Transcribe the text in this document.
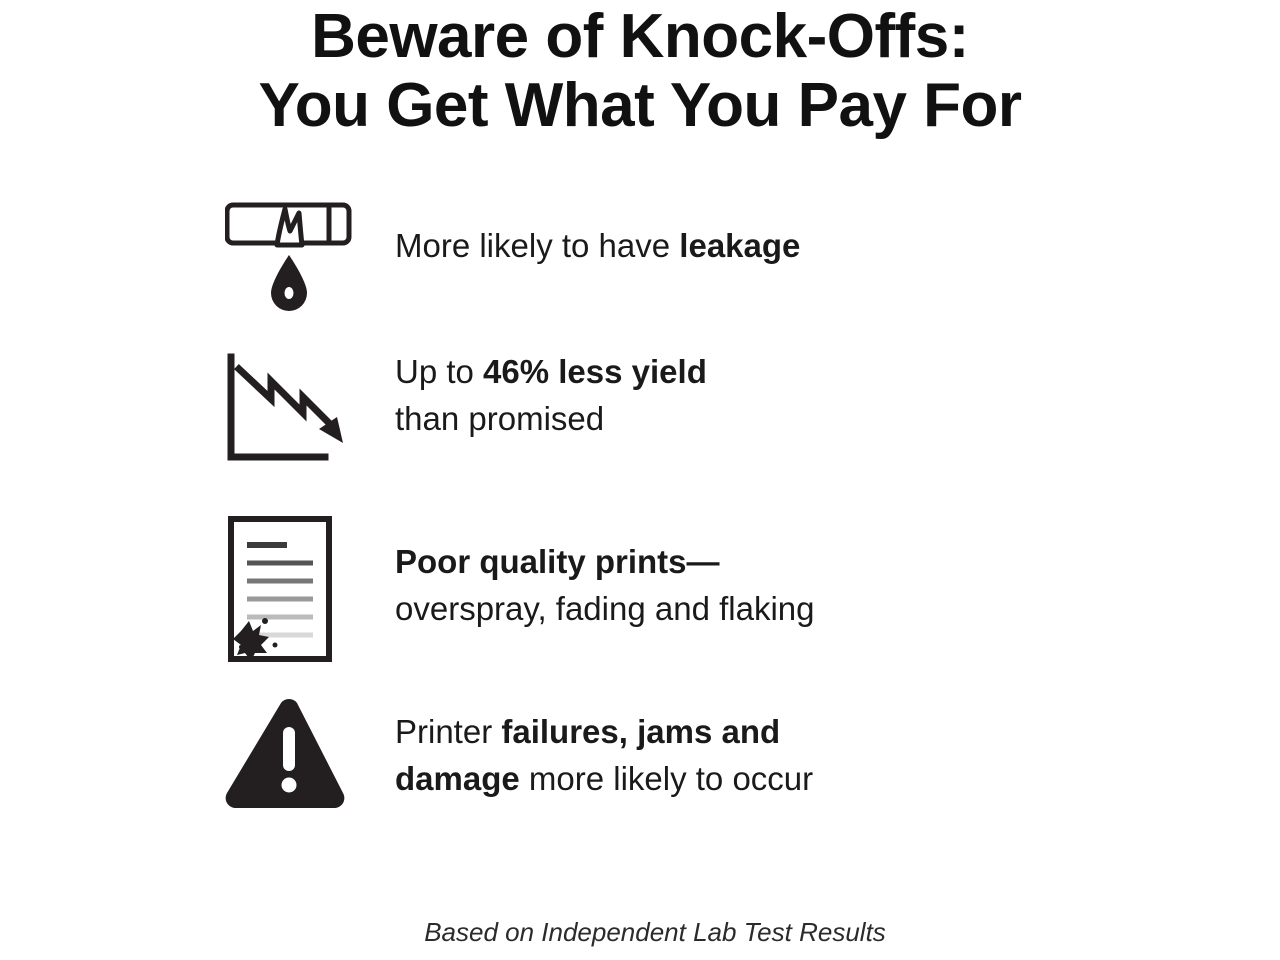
Beware of Knock-Offs:
You Get What You Pay For
More likely to have leakage
Up to 46% less yield
than promised
Poor quality prints—
overspray, fading and flaking
Printer failures, jams and
damage more likely to occur
Based on Independent Lab Test Results
